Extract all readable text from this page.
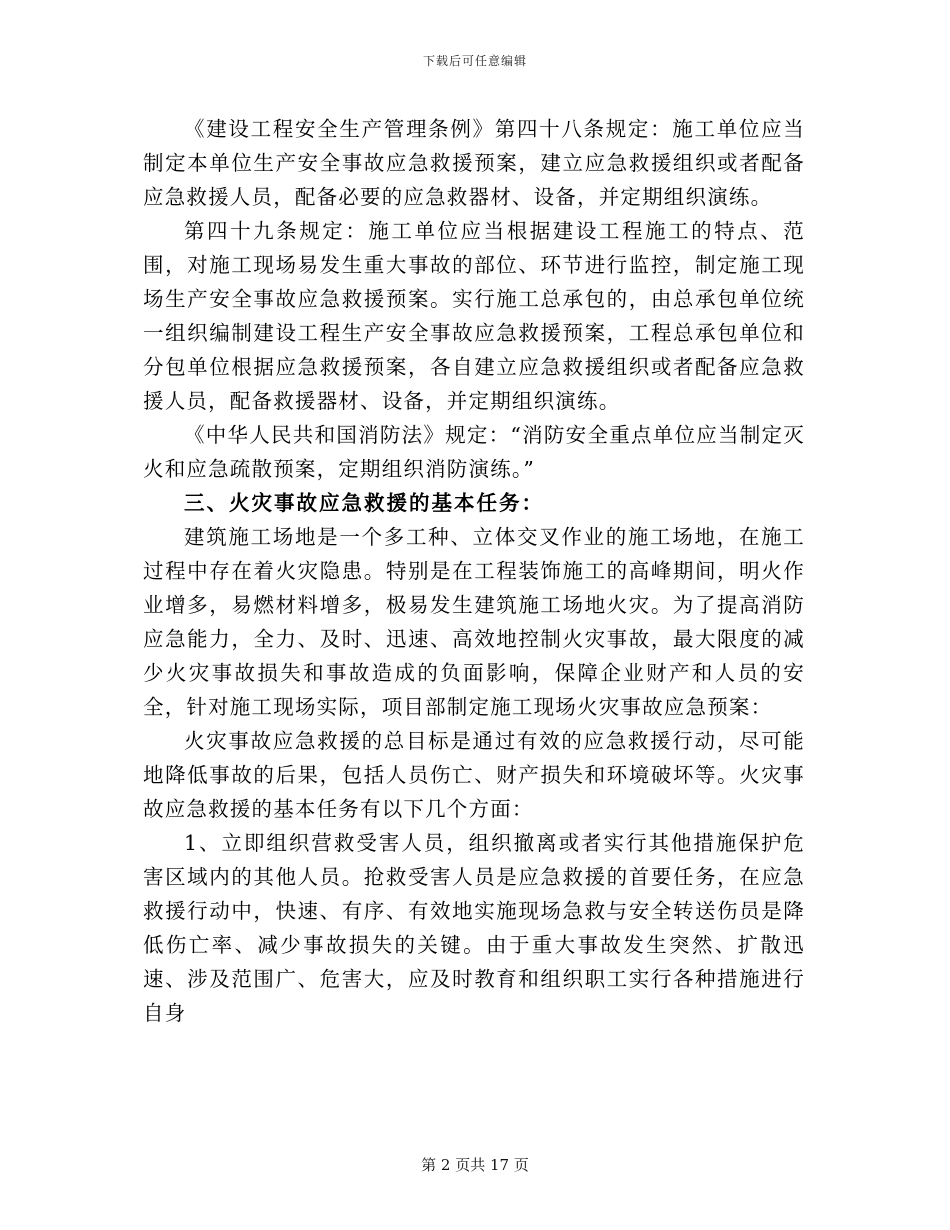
下载后可任意编辑

《建设工程安全生产管理条例》第四十八条规定：施工单位应当制定本单位生产安全事故应急救援预案，建立应急救援组织或者配备应急救援人员，配备必要的应急救器材、设备，并定期组织演练。

第四十九条规定：施工单位应当根据建设工程施工的特点、范围，对施工现场易发生重大事故的部位、环节进行监控，制定施工现场生产安全事故应急救援预案。实行施工总承包的，由总承包单位统一组织编制建设工程生产安全事故应急救援预案，工程总承包单位和分包单位根据应急救援预案，各自建立应急救援组织或者配备应急救援人员，配备救援器材、设备，并定期组织演练。

《中华人民共和国消防法》规定：“消防安全重点单位应当制定灭火和应急疏散预案，定期组织消防演练。”

三、火灾事故应急救援的基本任务：

建筑施工场地是一个多工种、立体交叉作业的施工场地，在施工过程中存在着火灾隐患。特别是在工程装饰施工的高峰期间，明火作业增多，易燃材料增多，极易发生建筑施工场地火灾。为了提高消防应急能力，全力、及时、迅速、高效地控制火灾事故，最大限度的减少火灾事故损失和事故造成的负面影响，保障企业财产和人员的安全，针对施工现场实际，项目部制定施工现场火灾事故应急预案：

火灾事故应急救援的总目标是通过有效的应急救援行动，尽可能地降低事故的后果，包括人员伤亡、财产损失和环境破坏等。火灾事故应急救援的基本任务有以下几个方面：

1、立即组织营救受害人员，组织撤离或者实行其他措施保护危害区域内的其他人员。抢救受害人员是应急救援的首要任务，在应急救援行动中，快速、有序、有效地实施现场急救与安全转送伤员是降低伤亡率、减少事故损失的关键。由于重大事故发生突然、扩散迅速、涉及范围广、危害大，应及时教育和组织职工实行各种措施进行自身

第 2 页共 17 页
